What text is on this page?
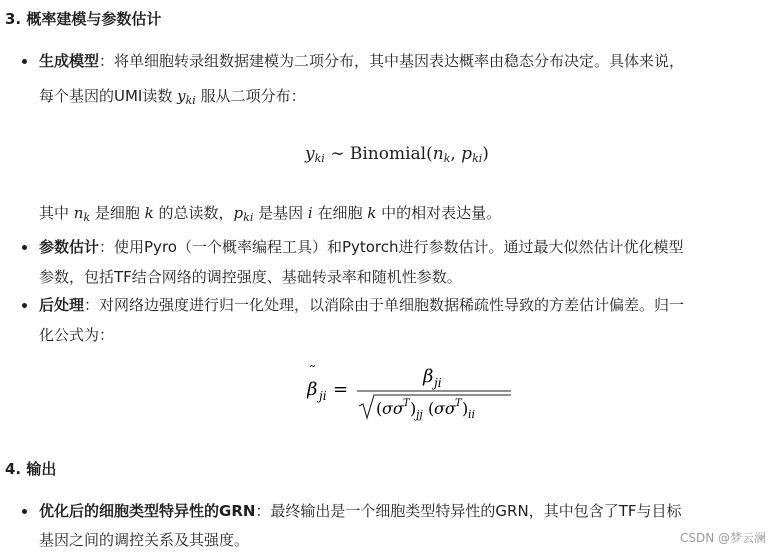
3. 概率建模与参数估计
生成模型：将单细胞转录组数据建模为二项分布，其中基因表达概率由稳态分布决定。具体来说，
每个基因的UMI读数 $y_{ki}$ 服从二项分布：
$y_{ki}$ ∼ $Binomial(n_k$, $p_{ki}$)
其中 $n_k$ 是细胞 k 的总读数，$p_{ki}$ 是基因 i 在细胞 k 中的相对表达量。
参数估计：使用Pyro（一个概率编程工具）和Pytorch进行参数估计。通过最大似然估计优化模型
参数，包括TF结合网络的调控强度、基础转录率和随机性参数。
后处理：对网络边强度进行归一化处理，以消除由于单细胞数据稀疏性导致的方差估计偏差。归一
化公式为：
β
˜
ji =
β ji
( σσ T ) jj ( σσ T ) ii
4. 输出
优化后的细胞类型特异性的GRN：最终输出是一个细胞类型特异性的GRN，其中包含了TF与目标
基因之间的调控关系及其强度。	CSDN @梦云澜
